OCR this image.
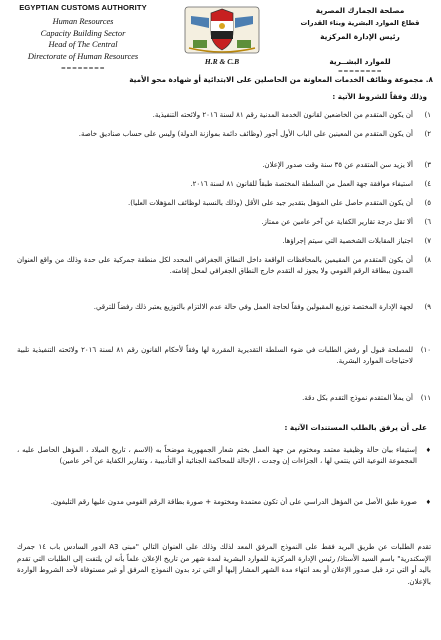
EGYPTIAN CUSTOMS AUTHORITY
Human Resources
Capacity Building Sector
Head of The Central
Directorate of Human Resources
========
H.R & C.B
مصلحة الجمارك المصرية
قطاع الموارد البشرية وبناء القدرات
رئيس الإدارة المركزية
للموارد البشــرية
========
٨. مجموعة وظائف الخدمات المعاونة من الحاصلين على الابتدائية أو شهادة محو الأمية
وذلك وفقاً للشروط الآتية :
١)
أن يكون المتقدم من الخاضعين لقانون الخدمة المدنية رقم ٨١ لسنة ٢٠١٦ ولائحته التنفيذية.
٢)
أن يكون المتقدم من المعينين على الباب الأول أجور (وظائف دائمة بموازنة الدولة) وليس على حساب صناديق خاصة.
٣)
ألا يزيد سن المتقدم عن ٣٥ سنة وقت صدور الإعلان.
٤)
استيفاء موافقة جهة العمل من السلطة المختصة طبقاً للقانون ٨١ لسنة ٢٠١٦.
٥)
أن يكون المتقدم حاصل على المؤهل بتقدير جيد على الأقل (وذلك بالنسبة لوظائف المؤهلات العليا).
٦)
ألا تقل درجة تقارير الكفاية عن آخر عامين عن ممتاز.
٧)
اجتياز المقابلات الشخصية التي سيتم إجراؤها.
٨)
أن يكون المتقدم من المقيمين بالمحافظات الواقعة داخل النطاق الجغرافي المحدد لكل منطقة جمركية على حدة وذلك من واقع العنوان المدون ببطاقة الرقم القومي ولا يجوز له التقدم خارج النطاق الجغرافي لمحل إقامته.
٩)
لجهة الإدارة المختصة توزيع المقبولين وفقاً لحاجة العمل وفي حالة عدم الالتزام بالتوزيع يعتبر ذلك رفضاً للترقي.
١٠)
للمصلحة قبول أو رفض الطلبات في ضوء السلطة التقديرية المقررة لها وفقاً لأحكام القانون رقم ٨١ لسنة ٢٠١٦ ولائحته التنفيذية تلبية لاحتياجات الموارد البشرية.
١١)
أن يملأ المتقدم نموذج التقدم بكل دقة.
على أن يرفق بالطلب المستندات الآتية :
♦
إستيفاء بيان حالة وظيفية معتمد ومختوم من جهة العمل بختم شعار الجمهورية موضحاً به (الاسم ، تاريخ الميلاد ، المؤهل الحاصل عليه ، المجموعة النوعية التي ينتمي لها ، الجزاءات إن وجدت ، الإحالة للمحاكمة الجنائية أو التأديبية ، وتقارير الكفاية عن آخر عامين)
♦
صورة طبق الأصل من المؤهل الدراسي على أن تكون معتمدة ومختومة + صورة بطاقة الرقم القومي مدون عليها رقم التليفون.
تقدم الطلبات عن طريق البريد فقط على النموذج المرفق المعد لذلك وذلك على العنوان التالي "مبنى A3 الدور السادس باب ١٤ جمرك الإسكندرية" باسم السيد الأستاذ/ رئيس الإدارة المركزية للموارد البشرية لمدة شهر من تاريخ الإعلان علماً بأنه لن يلتفت إلى الطلبات التي تقدم باليد أو التي ترد قبل صدور الإعلان أو بعد انتهاء مدة الشهر المشار إليها أو التي ترد بدون النموذج المرفق أو غير مستوفاة لأحد الشروط الواردة بالإعلان.
